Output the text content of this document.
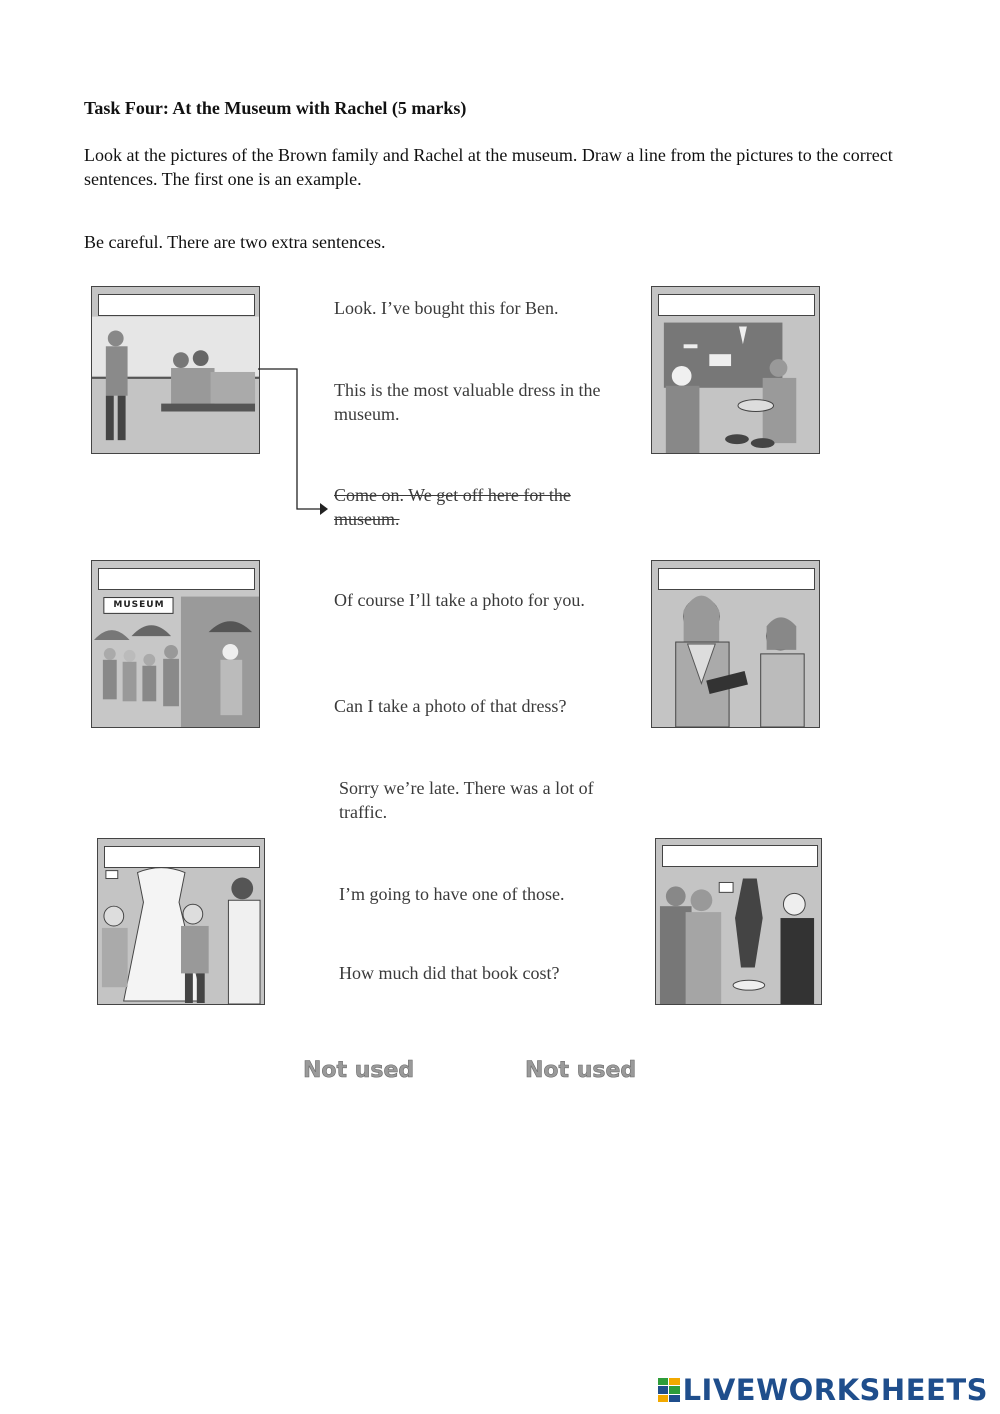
Task Four: At the Museum with Rachel (5 marks)
Look at the pictures of the Brown family and Rachel at the museum. Draw a line from the pictures to the correct sentences. The first one is an example.
Be careful. There are two extra sentences.
MUSEUM
Look. I’ve bought this for Ben.
This is the most valuable dress in the museum.
Come on. We get off here for the museum.
Of course I’ll take a photo for you.
Can I take a photo of that dress?
Sorry we’re late. There was a lot of traffic.
I’m going to have one of those.
How much did that book cost?
Not used	Not used
LIVEWORKSHEETS
